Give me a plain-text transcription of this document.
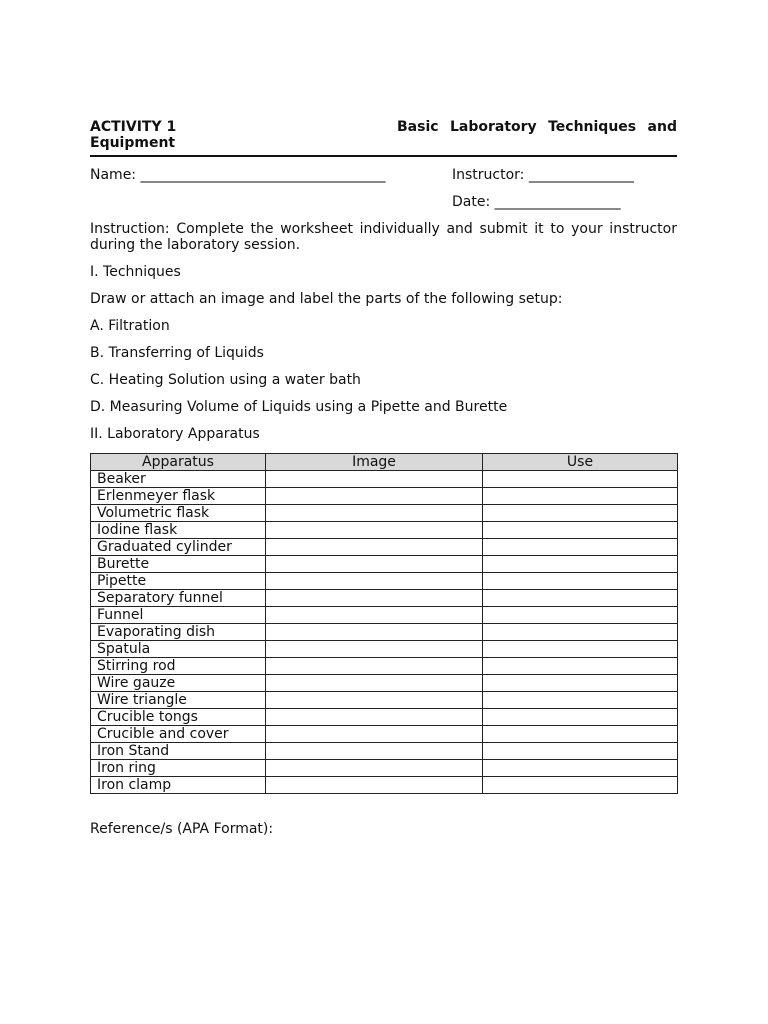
ACTIVITY 1	Basic Laboratory Techniques and
Equipment
Name: ___________________________________	Instructor: _______________
Date: __________________

Instruction: Complete the worksheet individually and submit it to your instructor during the laboratory session.

I. Techniques
Draw or attach an image and label the parts of the following setup:
A. Filtration
B. Transferring of Liquids
C. Heating Solution using a water bath
D. Measuring Volume of Liquids using a Pipette and Burette
II. Laboratory Apparatus
Apparatus	Image	Use
Beaker		
Erlenmeyer flask		
Volumetric flask		
Iodine flask		
Graduated cylinder		
Burette		
Pipette		
Separatory funnel		
Funnel		
Evaporating dish		
Spatula		
Stirring rod		
Wire gauze		
Wire triangle		
Crucible tongs		
Crucible and cover		
Iron Stand		
Iron ring		
Iron clamp		
Reference/s (APA Format):
